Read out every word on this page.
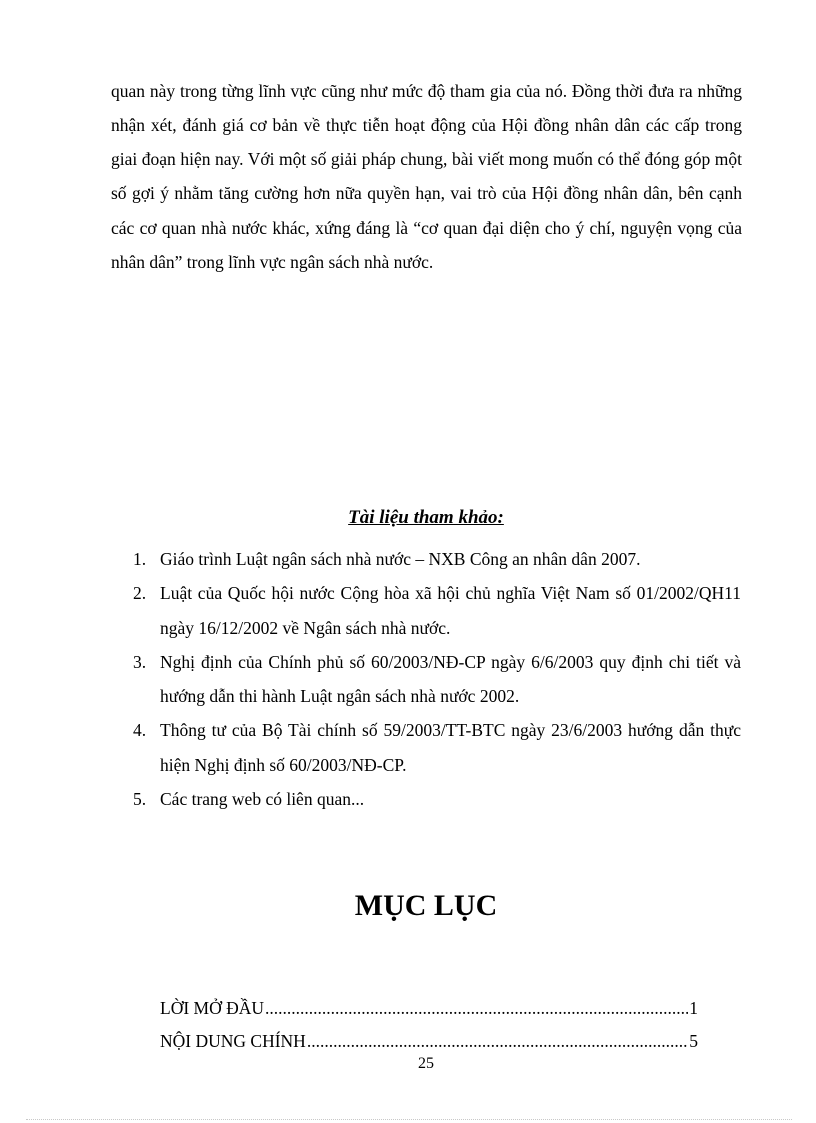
quan này trong từng lĩnh vực cũng như mức độ tham gia của nó. Đồng thời đưa ra những nhận xét, đánh giá cơ bản về thực tiễn hoạt động của Hội đồng nhân dân các cấp trong giai đoạn hiện nay. Với một số giải pháp chung, bài viết mong muốn có thể đóng góp một số gợi ý nhằm tăng cường hơn nữa quyền hạn, vai trò của Hội đồng nhân dân, bên cạnh các cơ quan nhà nước khác, xứng đáng là “cơ quan đại diện cho ý chí, nguyện vọng của nhân dân” trong lĩnh vực ngân sách nhà nước.

Tài liệu tham khảo:
1. Giáo trình Luật ngân sách nhà nước – NXB Công an nhân dân 2007.
2. Luật của Quốc hội nước Cộng hòa xã hội chủ nghĩa Việt Nam số 01/2002/QH11 ngày 16/12/2002 về Ngân sách nhà nước.
3. Nghị định của Chính phủ số 60/2003/NĐ-CP ngày 6/6/2003 quy định chi tiết và hướng dẫn thi hành Luật ngân sách nhà nước 2002.
4. Thông tư của Bộ Tài chính số 59/2003/TT-BTC ngày 23/6/2003 hướng dẫn thực hiện Nghị định số 60/2003/NĐ-CP.
5. Các trang web có liên quan...
MỤC LỤC
LỜI MỞ ĐẦU .....	1
NỘI DUNG CHÍNH .....	5
25
